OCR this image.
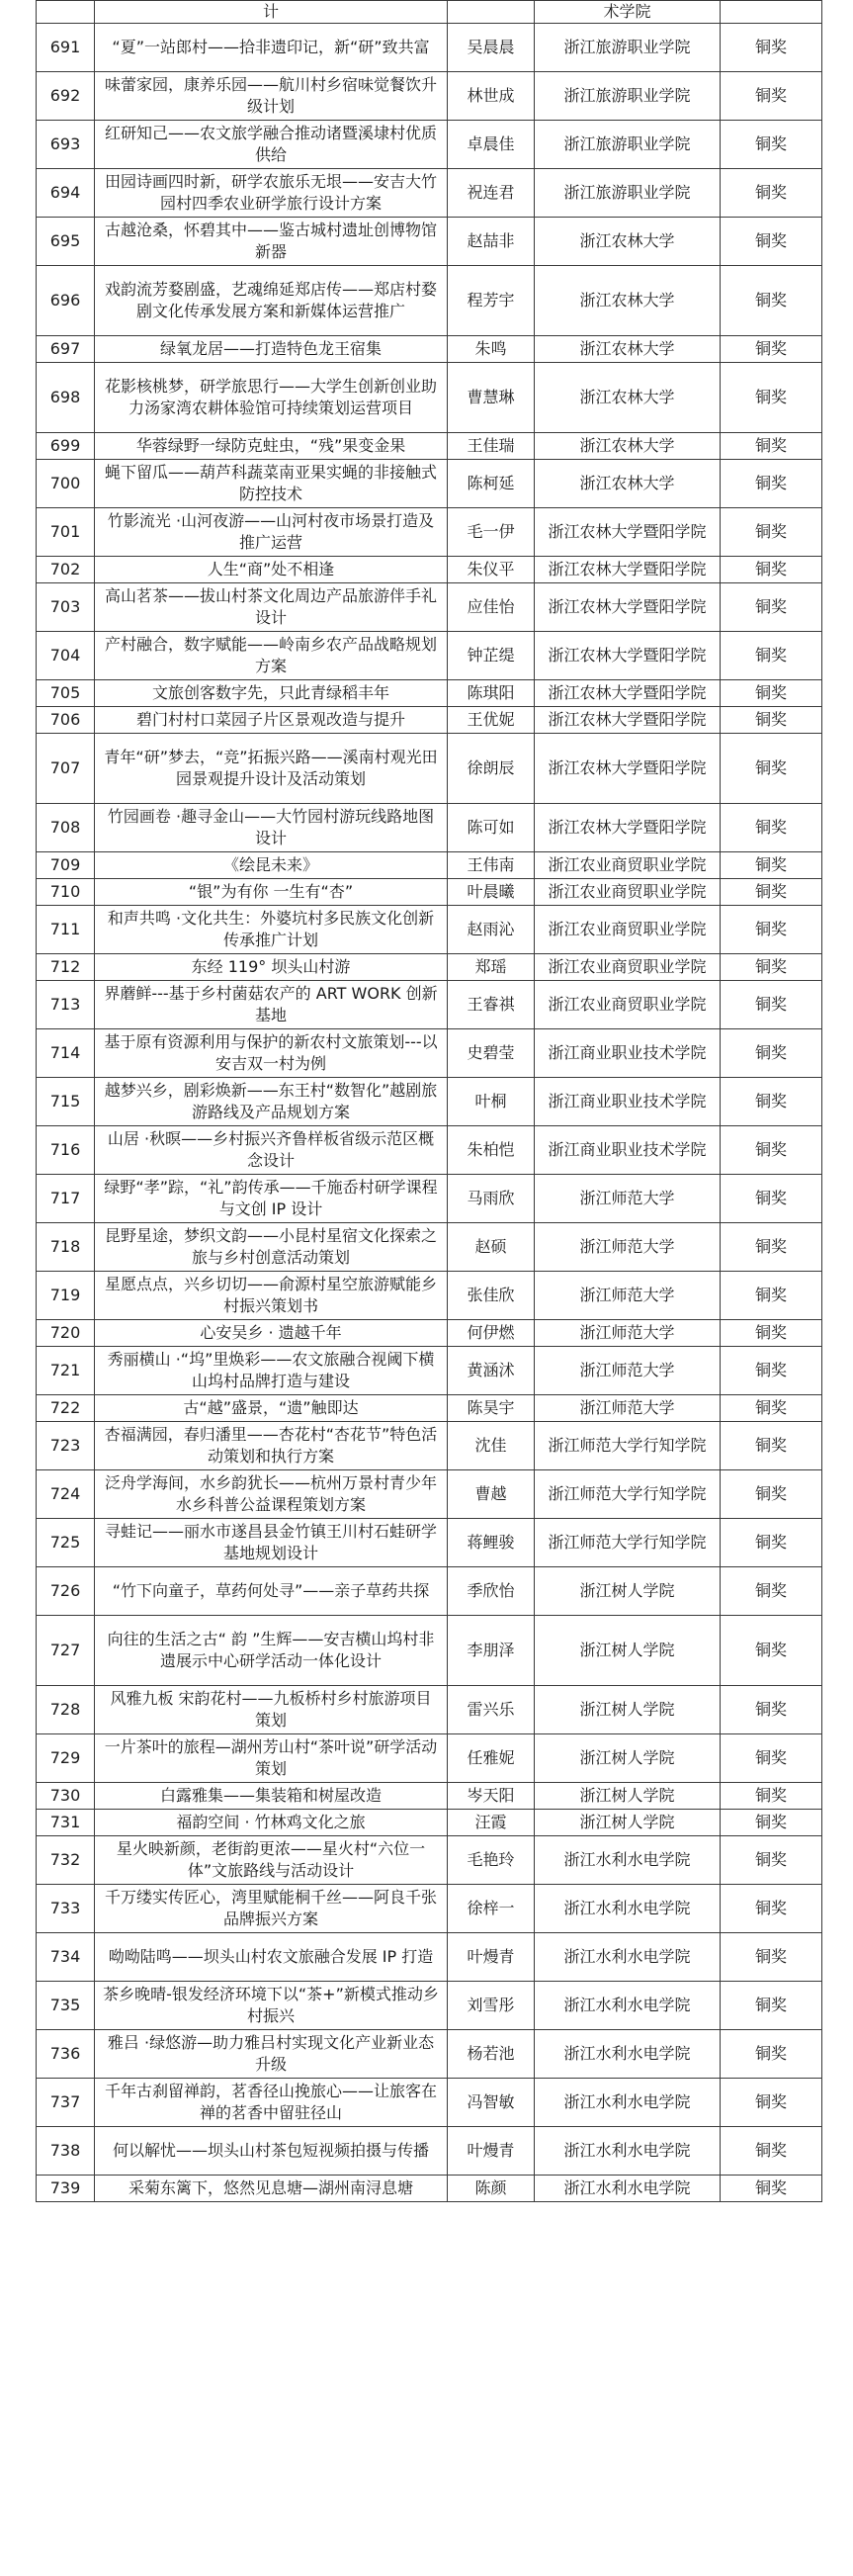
	计		术学院	
691	“夏”一站郎村——拾非遗印记，新“研”致共富	吴晨晨	浙江旅游职业学院	铜奖
692	味蕾家园，康养乐园——航川村乡宿味觉餐饮升级计划	林世成	浙江旅游职业学院	铜奖
693	红研知己——农文旅学融合推动诸暨溪埭村优质供给	卓晨佳	浙江旅游职业学院	铜奖
694	田园诗画四时新，研学农旅乐无垠——安吉大竹园村四季农业研学旅行设计方案	祝连君	浙江旅游职业学院	铜奖
695	古越沧桑，怀碧其中——鉴古城村遗址创博物馆新器	赵喆非	浙江农林大学	铜奖
696	戏韵流芳婺剧盛，艺魂绵延郑店传——郑店村婺剧文化传承发展方案和新媒体运营推广	程芳宇	浙江农林大学	铜奖
697	绿氧龙居——打造特色龙王宿集	朱鸣	浙江农林大学	铜奖
698	花影核桃梦，研学旅思行——大学生创新创业助力汤家湾农耕体验馆可持续策划运营项目	曹慧琳	浙江农林大学	铜奖
699	华蓉绿野一绿防克蛀虫，“残”果变金果	王佳瑞	浙江农林大学	铜奖
700	蝇下留瓜——葫芦科蔬菜南亚果实蝇的非接触式防控技术	陈柯延	浙江农林大学	铜奖
701	竹影流光 ·山河夜游——山河村夜市场景打造及推广运营	毛一伊	浙江农林大学暨阳学院	铜奖
702	人生“商”处不相逢	朱仪平	浙江农林大学暨阳学院	铜奖
703	高山茗茶——拔山村茶文化周边产品旅游伴手礼设计	应佳怡	浙江农林大学暨阳学院	铜奖
704	产村融合，数字赋能——岭南乡农产品战略规划方案	钟芷缇	浙江农林大学暨阳学院	铜奖
705	文旅创客数字先，只此青绿稻丰年	陈琪阳	浙江农林大学暨阳学院	铜奖
706	碧门村村口菜园子片区景观改造与提升	王优妮	浙江农林大学暨阳学院	铜奖
707	青年“研”梦去，“竞”拓振兴路——溪南村观光田园景观提升设计及活动策划	徐朗辰	浙江农林大学暨阳学院	铜奖
708	竹园画卷 ·趣寻金山——大竹园村游玩线路地图设计	陈可如	浙江农林大学暨阳学院	铜奖
709	《绘昆未来》	王伟南	浙江农业商贸职业学院	铜奖
710	“银”为有你 一生有“杏”	叶晨曦	浙江农业商贸职业学院	铜奖
711	和声共鸣 ·文化共生：外婆坑村多民族文化创新传承推广计划	赵雨沁	浙江农业商贸职业学院	铜奖
712	东经 119° 坝头山村游	郑瑶	浙江农业商贸职业学院	铜奖
713	界蘑鲜---基于乡村菌菇农产的 ART WORK 创新基地	王睿祺	浙江农业商贸职业学院	铜奖
714	基于原有资源利用与保护的新农村文旅策划---以安吉双一村为例	史碧莹	浙江商业职业技术学院	铜奖
715	越梦兴乡，剧彩焕新——东王村“数智化”越剧旅游路线及产品规划方案	叶桐	浙江商业职业技术学院	铜奖
716	山居 ·秋暝——乡村振兴齐鲁样板省级示范区概念设计	朱柏恺	浙江商业职业技术学院	铜奖
717	绿野“孝”踪，“礼”韵传承——千施岙村研学课程与文创 IP 设计	马雨欣	浙江师范大学	铜奖
718	昆野星途，梦织文韵——小昆村星宿文化探索之旅与乡村创意活动策划	赵硕	浙江师范大学	铜奖
719	星愿点点，兴乡切切——俞源村星空旅游赋能乡村振兴策划书	张佳欣	浙江师范大学	铜奖
720	心安吴乡 · 遗越千年	何伊燃	浙江师范大学	铜奖
721	秀丽横山 ·“坞”里焕彩——农文旅融合视阈下横山坞村品牌打造与建设	黄涵沭	浙江师范大学	铜奖
722	古“越”盛景，“遗”触即达	陈昊宇	浙江师范大学	铜奖
723	杏福满园，春归潘里——杏花村“杏花节”特色活动策划和执行方案	沈佳	浙江师范大学行知学院	铜奖
724	泛舟学海间，水乡韵犹长——杭州万景村青少年水乡科普公益课程策划方案	曹越	浙江师范大学行知学院	铜奖
725	寻蛙记——丽水市遂昌县金竹镇王川村石蛙研学基地规划设计	蒋鲤骏	浙江师范大学行知学院	铜奖
726	“竹下向童子，草药何处寻”——亲子草药共探	季欣怡	浙江树人学院	铜奖
727	向往的生活之古“ 韵 ”生辉——安吉横山坞村非遗展示中心研学活动一体化设计	李朋泽	浙江树人学院	铜奖
728	风雅九板 宋韵花村——九板桥村乡村旅游项目策划	雷兴乐	浙江树人学院	铜奖
729	一片茶叶的旅程—湖州芳山村“茶叶说”研学活动策划	任雅妮	浙江树人学院	铜奖
730	白露雅集——集装箱和树屋改造	岑天阳	浙江树人学院	铜奖
731	福韵空间 · 竹林鸡文化之旅	汪霞	浙江树人学院	铜奖
732	星火映新颜，老街韵更浓——星火村“六位一体”文旅路线与活动设计	毛艳玲	浙江水利水电学院	铜奖
733	千万缕实传匠心，湾里赋能桐千丝——阿良千张品牌振兴方案	徐梓一	浙江水利水电学院	铜奖
734	呦呦陆鸣——坝头山村农文旅融合发展 IP 打造	叶熳青	浙江水利水电学院	铜奖
735	茶乡晚晴-银发经济环境下以“茶+”新模式推动乡村振兴	刘雪彤	浙江水利水电学院	铜奖
736	雅吕 ·绿悠游—助力雅吕村实现文化产业新业态升级	杨若池	浙江水利水电学院	铜奖
737	千年古刹留禅韵，茗香径山挽旅心——让旅客在禅的茗香中留驻径山	冯智敏	浙江水利水电学院	铜奖
738	何以解忧——坝头山村茶包短视频拍摄与传播	叶熳青	浙江水利水电学院	铜奖
739	采菊东篱下，悠然见息塘—湖州南浔息塘	陈颜	浙江水利水电学院	铜奖
